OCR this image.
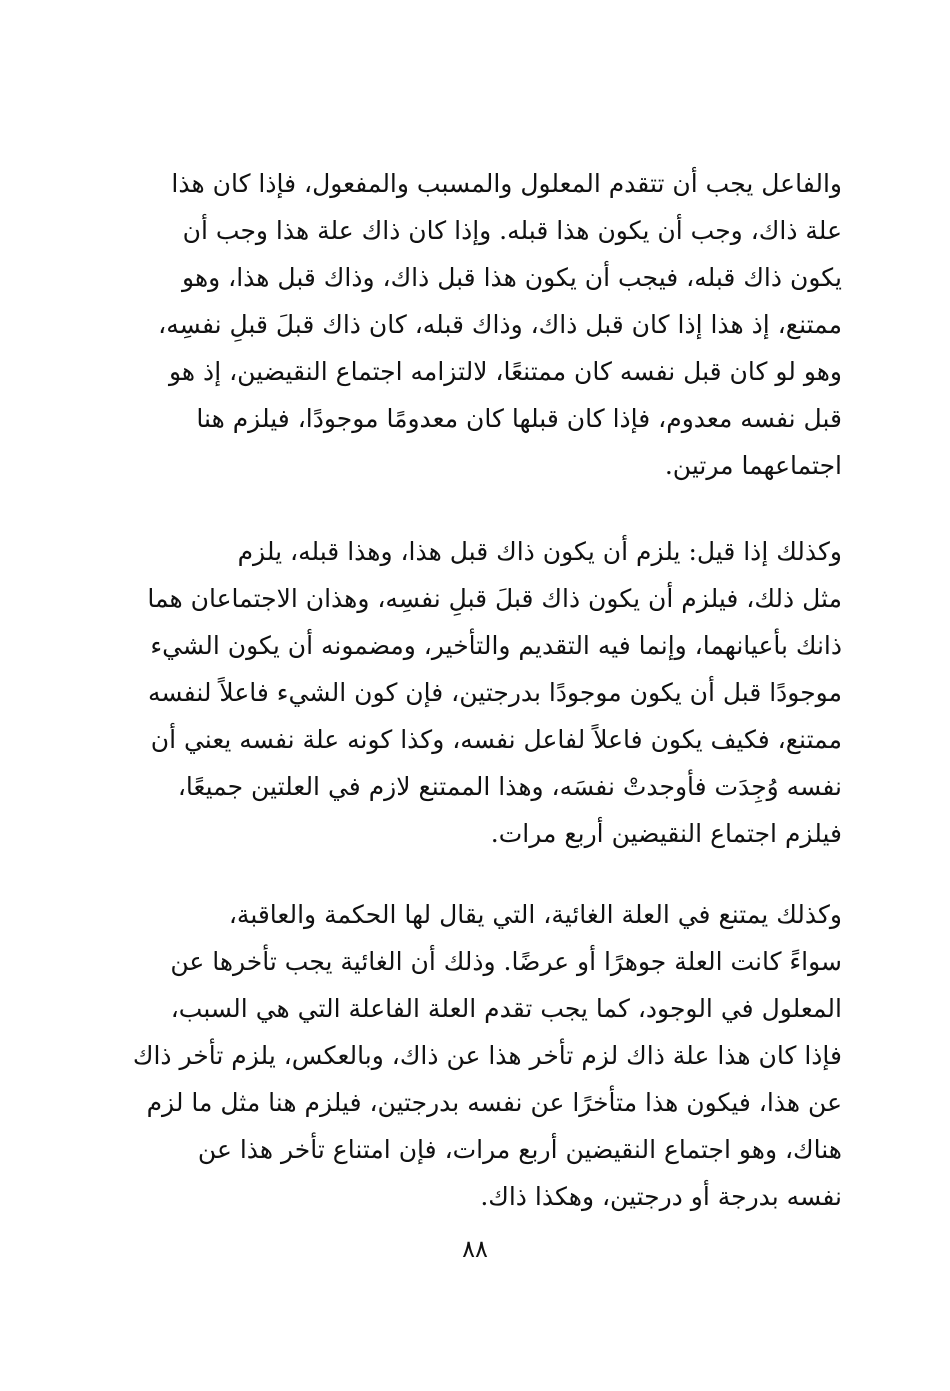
والفاعل يجب أن تتقدم المعلول والمسبب والمفعول، فإذا كان هذا
علة ذاك، وجب أن يكون هذا قبله. وإذا كان ذاك علة هذا وجب أن
يكون ذاك قبله، فيجب أن يكون هذا قبل ذاك، وذاك قبل هذا، وهو
ممتنع، إذ هذا إذا كان قبل ذاك، وذاك قبله، كان ذاك قبلَ قبلِ نفسِه،
وهو لو كان قبل نفسه كان ممتنعًا، لالتزامه اجتماع النقيضين، إذ هو
قبل نفسه معدوم، فإذا كان قبلها كان معدومًا موجودًا، فيلزم هنا
اجتماعهما مرتين.
وكذلك إذا قيل: يلزم أن يكون ذاك قبل هذا، وهذا قبله، يلزم
مثل ذلك، فيلزم أن يكون ذاك قبلَ قبلِ نفسِه، وهذان الاجتماعان هما
ذانك بأعيانهما، وإنما فيه التقديم والتأخير، ومضمونه أن يكون الشيء
موجودًا قبل أن يكون موجودًا بدرجتين، فإن كون الشيء فاعلاً لنفسه
ممتنع، فكيف يكون فاعلاً لفاعل نفسه، وكذا كونه علة نفسه يعني أن
نفسه وُجِدَت فأوجدتْ نفسَه، وهذا الممتنع لازم في العلتين جميعًا،
فيلزم اجتماع النقيضين أربع مرات.
وكذلك يمتنع في العلة الغائية، التي يقال لها الحكمة والعاقبة،
سواءً كانت العلة جوهرًا أو عرضًا. وذلك أن الغائية يجب تأخرها عن
المعلول في الوجود، كما يجب تقدم العلة الفاعلة التي هي السبب،
فإذا كان هذا علة ذاك لزم تأخر هذا عن ذاك، وبالعكس، يلزم تأخر ذاك
عن هذا، فيكون هذا متأخرًا عن نفسه بدرجتين، فيلزم هنا مثل ما لزم
هناك، وهو اجتماع النقيضين أربع مرات، فإن امتناع تأخر هذا عن
نفسه بدرجة أو درجتين، وهكذا ذاك.
٨٨
